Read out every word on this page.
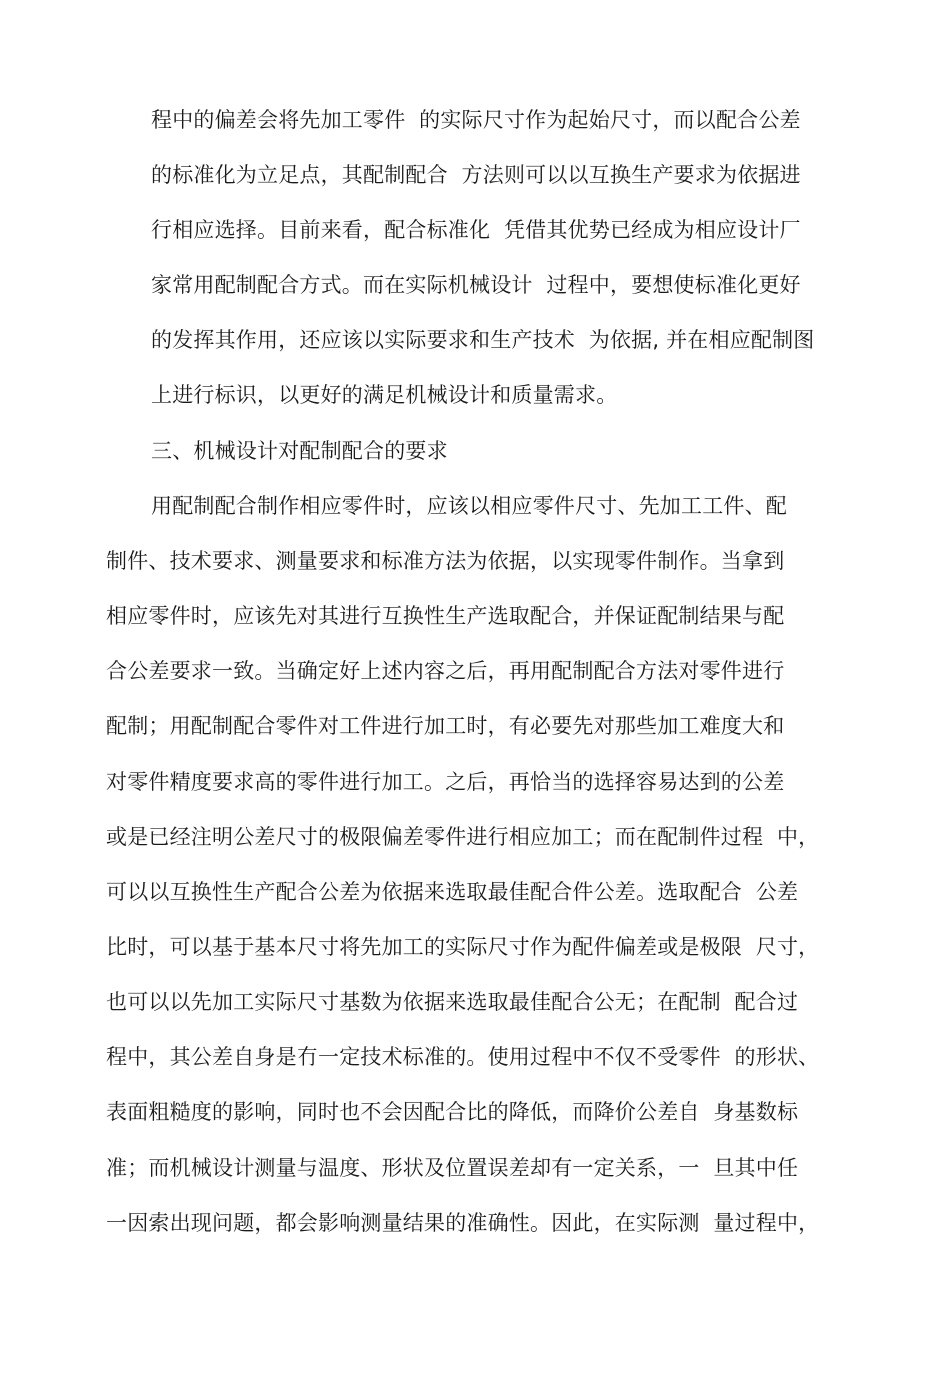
程中的偏差会将先加工零件  的实际尺寸作为起始尺寸，而以配合公差
的标准化为立足点，其配制配合  方法则可以以互换生产要求为依据进
行相应选择。目前来看，配合标准化  凭借其优势已经成为相应设计厂
家常用配制配合方式。而在实际机械设计  过程中，要想使标准化更好
的发挥其作用，还应该以实际要求和生产技术  为依据, 并在相应配制图
上进行标识，以更好的满足机械设计和质量需求。
三、机械设计对配制配合的要求
用配制配合制作相应零件时，应该以相应零件尺寸、先加工工件、配
制件、技术要求、测量要求和标准方法为依据，以实现零件制作。当拿到
相应零件时，应该先对其进行互换性生产选取配合，并保证配制结果与配
合公差要求一致。当确定好上述内容之后，再用配制配合方法对零件进行
配制；用配制配合零件对工件进行加工时，有必要先对那些加工难度大和
对零件精度要求高的零件进行加工。之后，再恰当的选择容易达到的公差
或是已经注明公差尺寸的极限偏差零件进行相应加工；而在配制件过程  中，
可以以互换性生产配合公差为依据来选取最佳配合件公差。选取配合  公差
比时，可以基于基本尺寸将先加工的实际尺寸作为配件偏差或是极限  尺寸，
也可以以先加工实际尺寸基数为依据来选取最佳配合公无；在配制  配合过
程中，其公差自身是冇一定技术标准的。使用过程中不仅不受零件  的形状、
表面粗糙度的影响，同时也不会因配合比的降低，而降价公差自  身基数标
准；而机械设计测量与温度、形状及位置误差却有一定关系，一  旦其中任
一因索出现问题，都会影响测量结果的准确性。因此，在实际测  量过程中，
